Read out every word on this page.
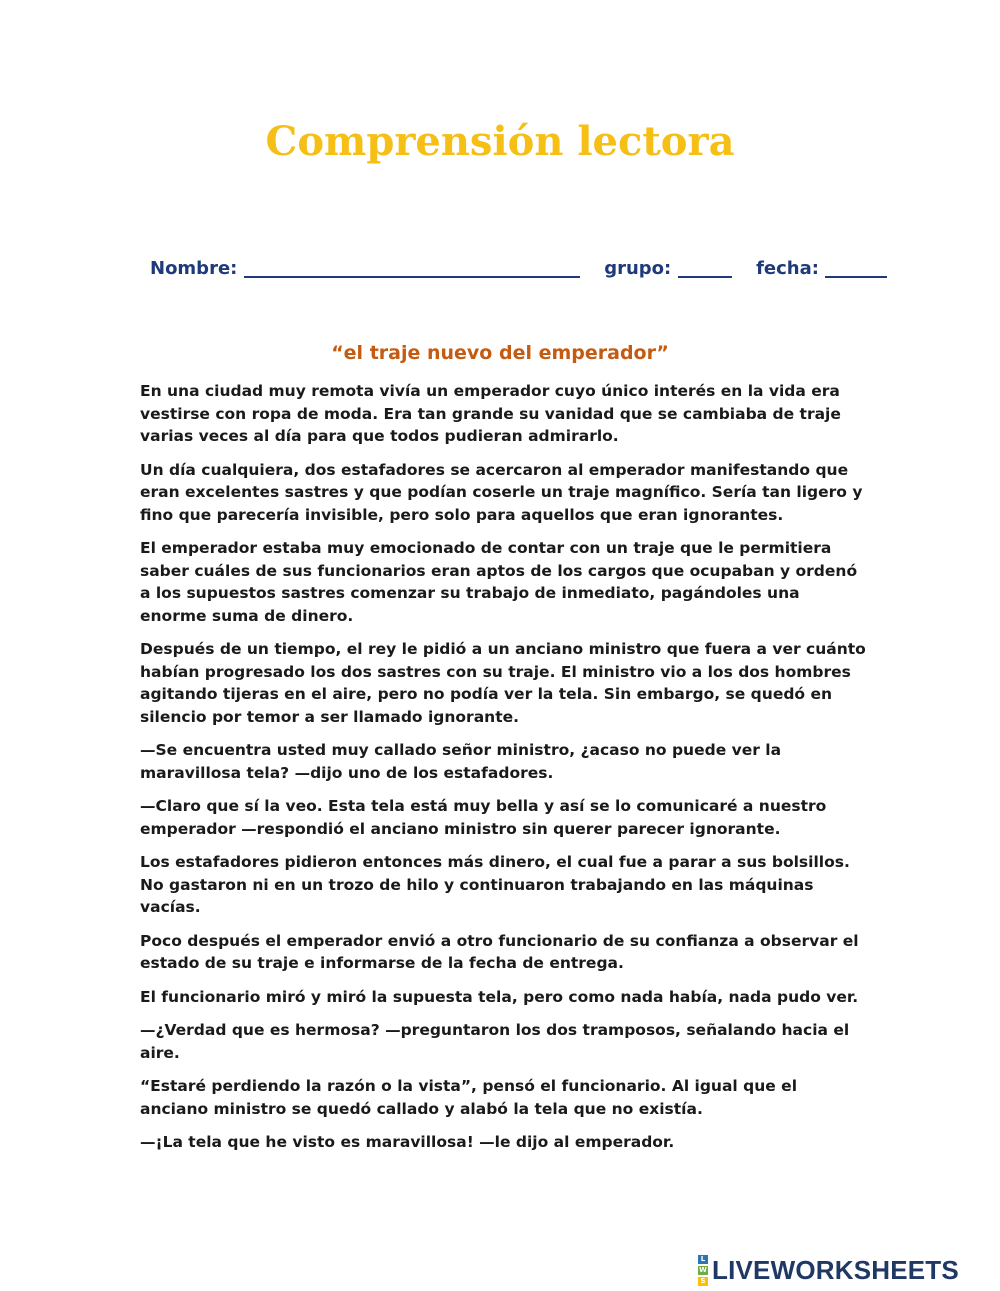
Comprensión lectora
Nombre:	grupo:	fecha:
“el traje nuevo del emperador”

En una ciudad muy remota vivía un emperador cuyo único interés en la vida era vestirse con ropa de moda. Era tan grande su vanidad que se cambiaba de traje varias veces al día para que todos pudieran admirarlo.

Un día cualquiera, dos estafadores se acercaron al emperador manifestando que eran excelentes sastres y que podían coserle un traje magnífico. Sería tan ligero y fino que parecería invisible, pero solo para aquellos que eran ignorantes.

El emperador estaba muy emocionado de contar con un traje que le permitiera saber cuáles de sus funcionarios eran aptos de los cargos que ocupaban y ordenó a los supuestos sastres comenzar su trabajo de inmediato, pagándoles una enorme suma de dinero.

Después de un tiempo, el rey le pidió a un anciano ministro que fuera a ver cuánto habían progresado los dos sastres con su traje. El ministro vio a los dos hombres agitando tijeras en el aire, pero no podía ver la tela. Sin embargo, se quedó en silencio por temor a ser llamado ignorante.

—Se encuentra usted muy callado señor ministro, ¿acaso no puede ver la maravillosa tela? —dijo uno de los estafadores.

—Claro que sí la veo. Esta tela está muy bella y así se lo comunicaré a nuestro emperador —respondió el anciano ministro sin querer parecer ignorante.

Los estafadores pidieron entonces más dinero, el cual fue a parar a sus bolsillos. No gastaron ni en un trozo de hilo y continuaron trabajando en las máquinas vacías.

Poco después el emperador envió a otro funcionario de su confianza a observar el estado de su traje e informarse de la fecha de entrega.

El funcionario miró y miró la supuesta tela, pero como nada había, nada pudo ver.

—¿Verdad que es hermosa? —preguntaron los dos tramposos, señalando hacia el aire.

“Estaré perdiendo la razón o la vista”, pensó el funcionario. Al igual que el anciano ministro se quedó callado y alabó la tela que no existía.

—¡La tela que he visto es maravillosa! —le dijo al emperador.

L
W
S LIVEWORKSHEETS
